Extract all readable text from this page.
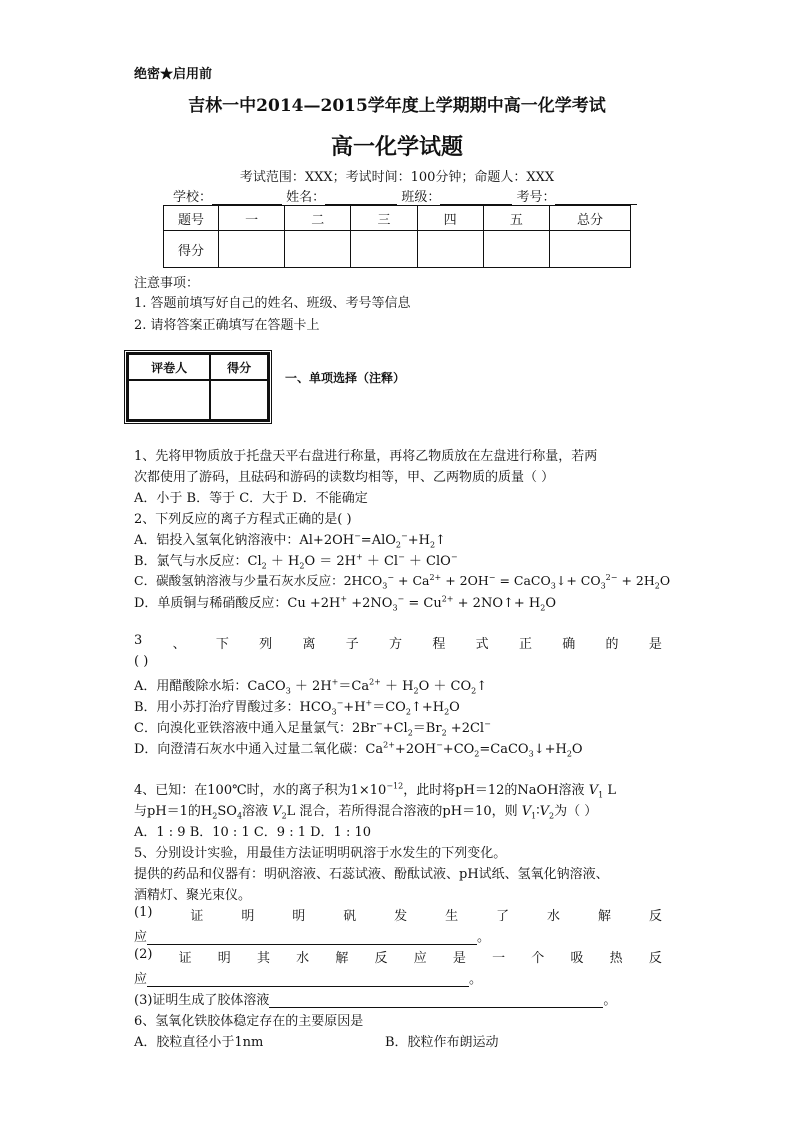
绝密★启用前
吉林一中2014—2015学年度上学期期中高一化学考试
高一化学试题
考试范围：XXX；考试时间：100分钟；命题人：XXX
学校：	姓名：	班级：	考号：
题号	一	二	三	四	五	总分
得分						
注意事项：
1. 答题前填写好自己的姓名、班级、考号等信息
2. 请将答案正确填写在答题卡上
评卷人	得分

一、单项选择（注释）
1、先将甲物质放于托盘天平右盘进行称量，再将乙物质放在左盘进行称量，若两
次都使用了游码，且砝码和游码的读数均相等，甲、乙两物质的质量（ ）
A．小于 B．等于 C．大于 D．不能确定
2、下列反应的离子方程式正确的是( )
A．铝投入氢氧化钠溶液中：$Al+2OH^-=AlO_2^-+H_2↑$
B．氯气与水反应：$Cl_2 + H_2O = 2H^+ + Cl^- + ClO^-$
C．碳酸氢钠溶液与少量石灰水反应：$2HCO_3^- + Ca^{2+} + 2OH^-$ = CaCO$_3$↓+ $CO_3^{2-} + 2H_2O$
D．单质铜与稀硝酸反应：$Cu +2H^+ +2NO_3^- = Cu^{2+}$ + 2NO↑+ $H_2O$
3 、 下 列 离 子 方 程 式 正 确 的 是
( )
A．用醋酸除水垢：CaCO$_3$ ＋ $2H^+=Ca^{2+} + H_2O$ ＋ $CO_2↑$
B．用小苏打治疗胃酸过多：$HCO_3^-+H^+=CO_2↑+H_2O$
C．向溴化亚铁溶液中通入足量氯气：$2Br^-+Cl_2=Br_2 +2Cl^-$
D．向澄清石灰水中通入过量二氧化碳：$Ca^{2+}+2OH^-+CO_2=CaCO_3↓+H_2O$
4、已知：在100℃时，水的离子积为$1\times 10^{-12}$，此时将pH＝12的NaOH溶液 $V_1$ L
与pH＝1的$H_2SO_4$溶液 $V_2L$ 混合，若所得混合溶液的pH＝10，则 $V_1∶V_2$为（ ）
A．1 : 9 B．10 : 1 C．9 : 1 D．1 : 10
5、分别设计实验，用最佳方法证明明矾溶于水发生的下列变化。
提供的药品和仪器有：明矾溶液、石蕊试液、酚酞试液、pH试纸、氢氧化钠溶液、
酒精灯、聚光束仪。
(1)	证	明	明	矾	发	生	了	水	解	反
应	。
(2) 证 明 其 水 解 反 应 是 一 个 吸 热 反
应	。
(3)证明生成了胶体溶液	。
6、氢氧化铁胶体稳定存在的主要原因是
A．胶粒直径小于1nm	B．胶粒作布朗运动
